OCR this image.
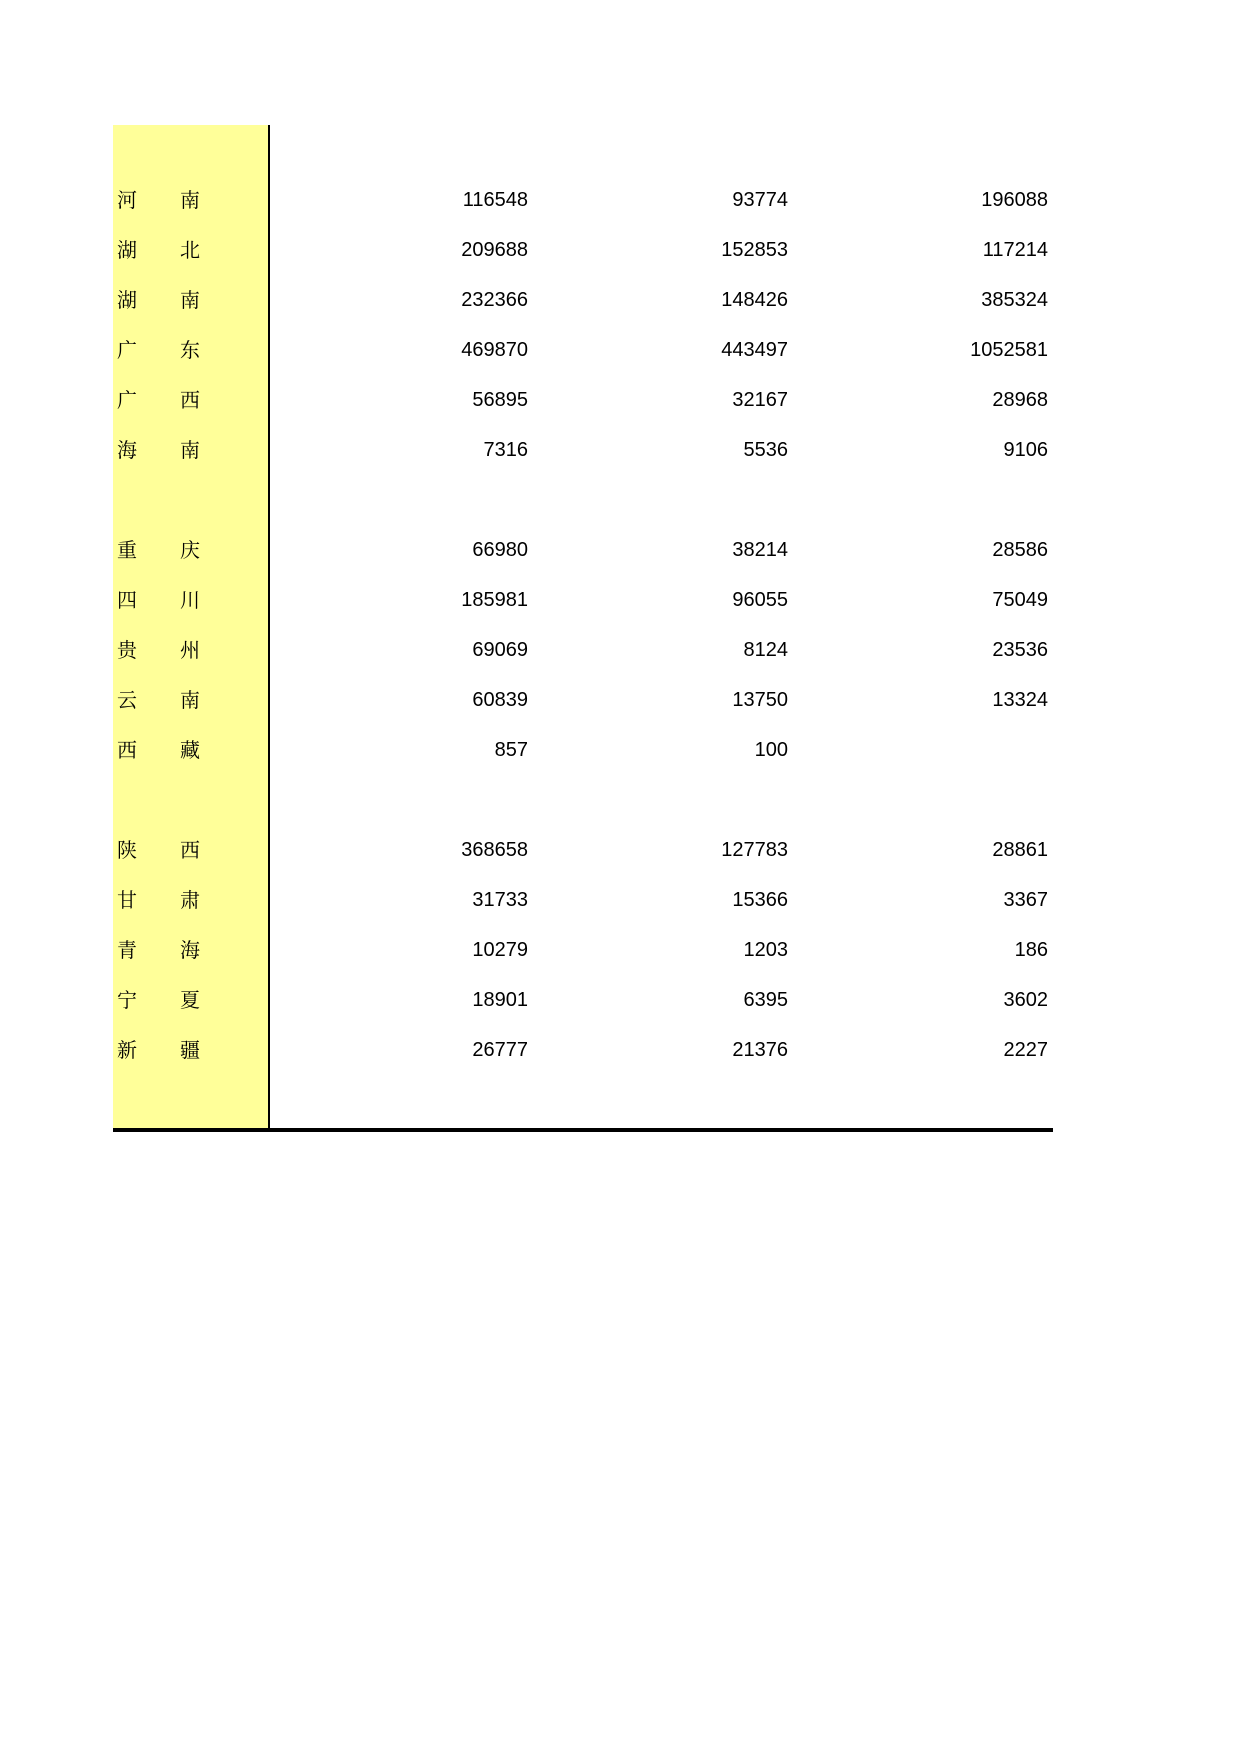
河 南	116548	93774	196088
湖 北	209688	152853	117214
湖 南	232366	148426	385324
广 东	469870	443497	1052581
广 西	56895	32167	28968
海 南	7316	5536	9106
重 庆	66980	38214	28586
四 川	185981	96055	75049
贵 州	69069	8124	23536
云 南	60839	13750	13324
西 藏	857	100
陕 西	368658	127783	28861
甘 肃	31733	15366	3367
青 海	10279	1203	186
宁 夏	18901	6395	3602
新 疆	26777	21376	2227
